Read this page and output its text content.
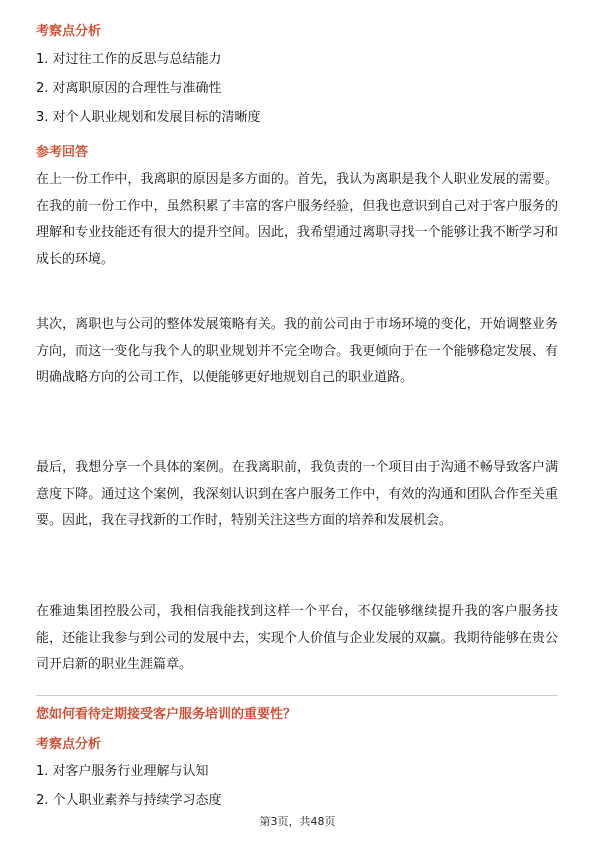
考察点分析
1. 对过往工作的反思与总结能力
2. 对离职原因的合理性与准确性
3. 对个人职业规划和发展目标的清晰度
参考回答
在上一份工作中，我离职的原因是多方面的。首先，我认为离职是我个人职业发展的需要。在我的前一份工作中，虽然积累了丰富的客户服务经验，但我也意识到自己对于客户服务的理解和专业技能还有很大的提升空间。因此，我希望通过离职寻找一个能够让我不断学习和成长的环境。
其次，离职也与公司的整体发展策略有关。我的前公司由于市场环境的变化，开始调整业务方向，而这一变化与我个人的职业规划并不完全吻合。我更倾向于在一个能够稳定发展、有明确战略方向的公司工作，以便能够更好地规划自己的职业道路。
最后，我想分享一个具体的案例。在我离职前，我负责的一个项目由于沟通不畅导致客户满意度下降。通过这个案例，我深刻认识到在客户服务工作中，有效的沟通和团队合作至关重要。因此，我在寻找新的工作时，特别关注这些方面的培养和发展机会。
在雅迪集团控股公司，我相信我能找到这样一个平台，不仅能够继续提升我的客户服务技能，还能让我参与到公司的发展中去，实现个人价值与企业发展的双赢。我期待能够在贵公司开启新的职业生涯篇章。
您如何看待定期接受客户服务培训的重要性？
考察点分析
1. 对客户服务行业理解与认知
2. 个人职业素养与持续学习态度
第3页，共48页
